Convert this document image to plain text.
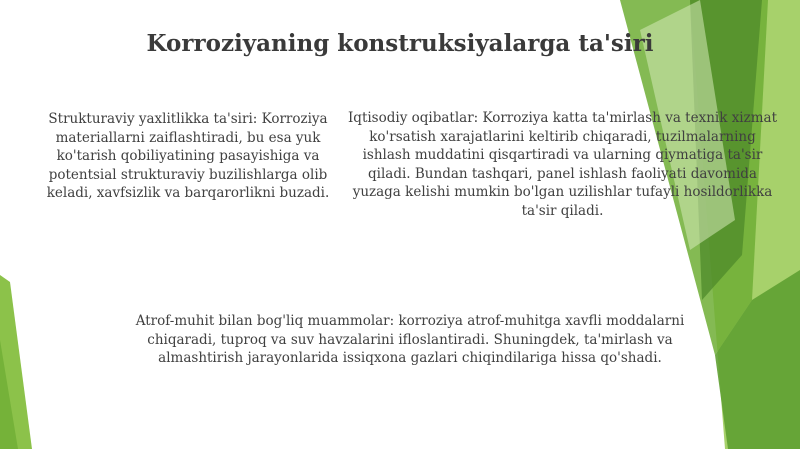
Korroziyaning konstruksiyalarga ta'siri

Strukturaviy yaxlitlikka ta'siri: Korroziya materiallarni zaiflashtiradi, bu esa yuk ko'tarish qobiliyatining pasayishiga va potentsial strukturaviy buzilishlarga olib keladi, xavfsizlik va barqarorlikni buzadi.

Iqtisodiy oqibatlar: Korroziya katta ta'mirlash va texnik xizmat ko'rsatish xarajatlarini keltirib chiqaradi, tuzilmalarning ishlash muddatini qisqartiradi va ularning qiymatiga ta'sir qiladi. Bundan tashqari, panel ishlash faoliyati davomida yuzaga kelishi mumkin bo'lgan uzilishlar tufayli hosildorlikka ta'sir qiladi.

Atrof-muhit bilan bog'liq muammolar: korroziya atrof-muhitga xavfli moddalarni chiqaradi, tuproq va suv havzalarini ifloslantiradi. Shuningdek, ta'mirlash va almashtirish jarayonlarida issiqxona gazlari chiqindilariga hissa qo'shadi.
